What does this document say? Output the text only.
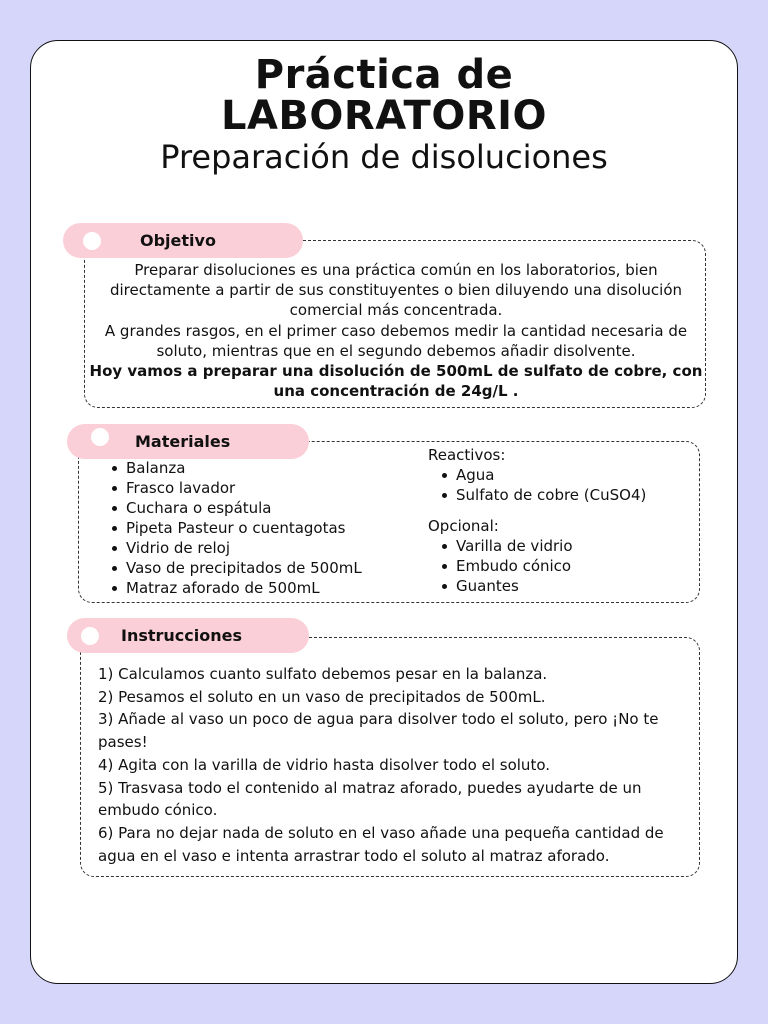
Práctica de
LABORATORIO
Preparación de disoluciones
Objetivo

Preparar disoluciones es una práctica común en los laboratorios, bien directamente a partir de sus constituyentes o bien diluyendo una disolución comercial más concentrada.

A grandes rasgos, en el primer caso debemos medir la cantidad necesaria de soluto, mientras que en el segundo debemos añadir disolvente.

Hoy vamos a preparar una disolución de 500mL de sulfato de cobre, con una concentración de 24g/L .

Materiales
Balanza
Frasco lavador
Cuchara o espátula
Pipeta Pasteur o cuentagotas
Vidrio de reloj
Vaso de precipitados de 500mL
Matraz aforado de 500mL

Reactivos:

Agua
Sulfato de cobre (CuSO4)

Opcional:

Varilla de vidrio
Embudo cónico
Guantes
Instrucciones

1) Calculamos cuanto sulfato debemos pesar en la balanza.

2) Pesamos el soluto en un vaso de precipitados de 500mL.

3) Añade al vaso un poco de agua para disolver todo el soluto, pero ¡No te pases!

4) Agita con la varilla de vidrio hasta disolver todo el soluto.

5) Trasvasa todo el contenido al matraz aforado, puedes ayudarte de un embudo cónico.

6) Para no dejar nada de soluto en el vaso añade una pequeña cantidad de agua en el vaso e intenta arrastrar todo el soluto al matraz aforado.
